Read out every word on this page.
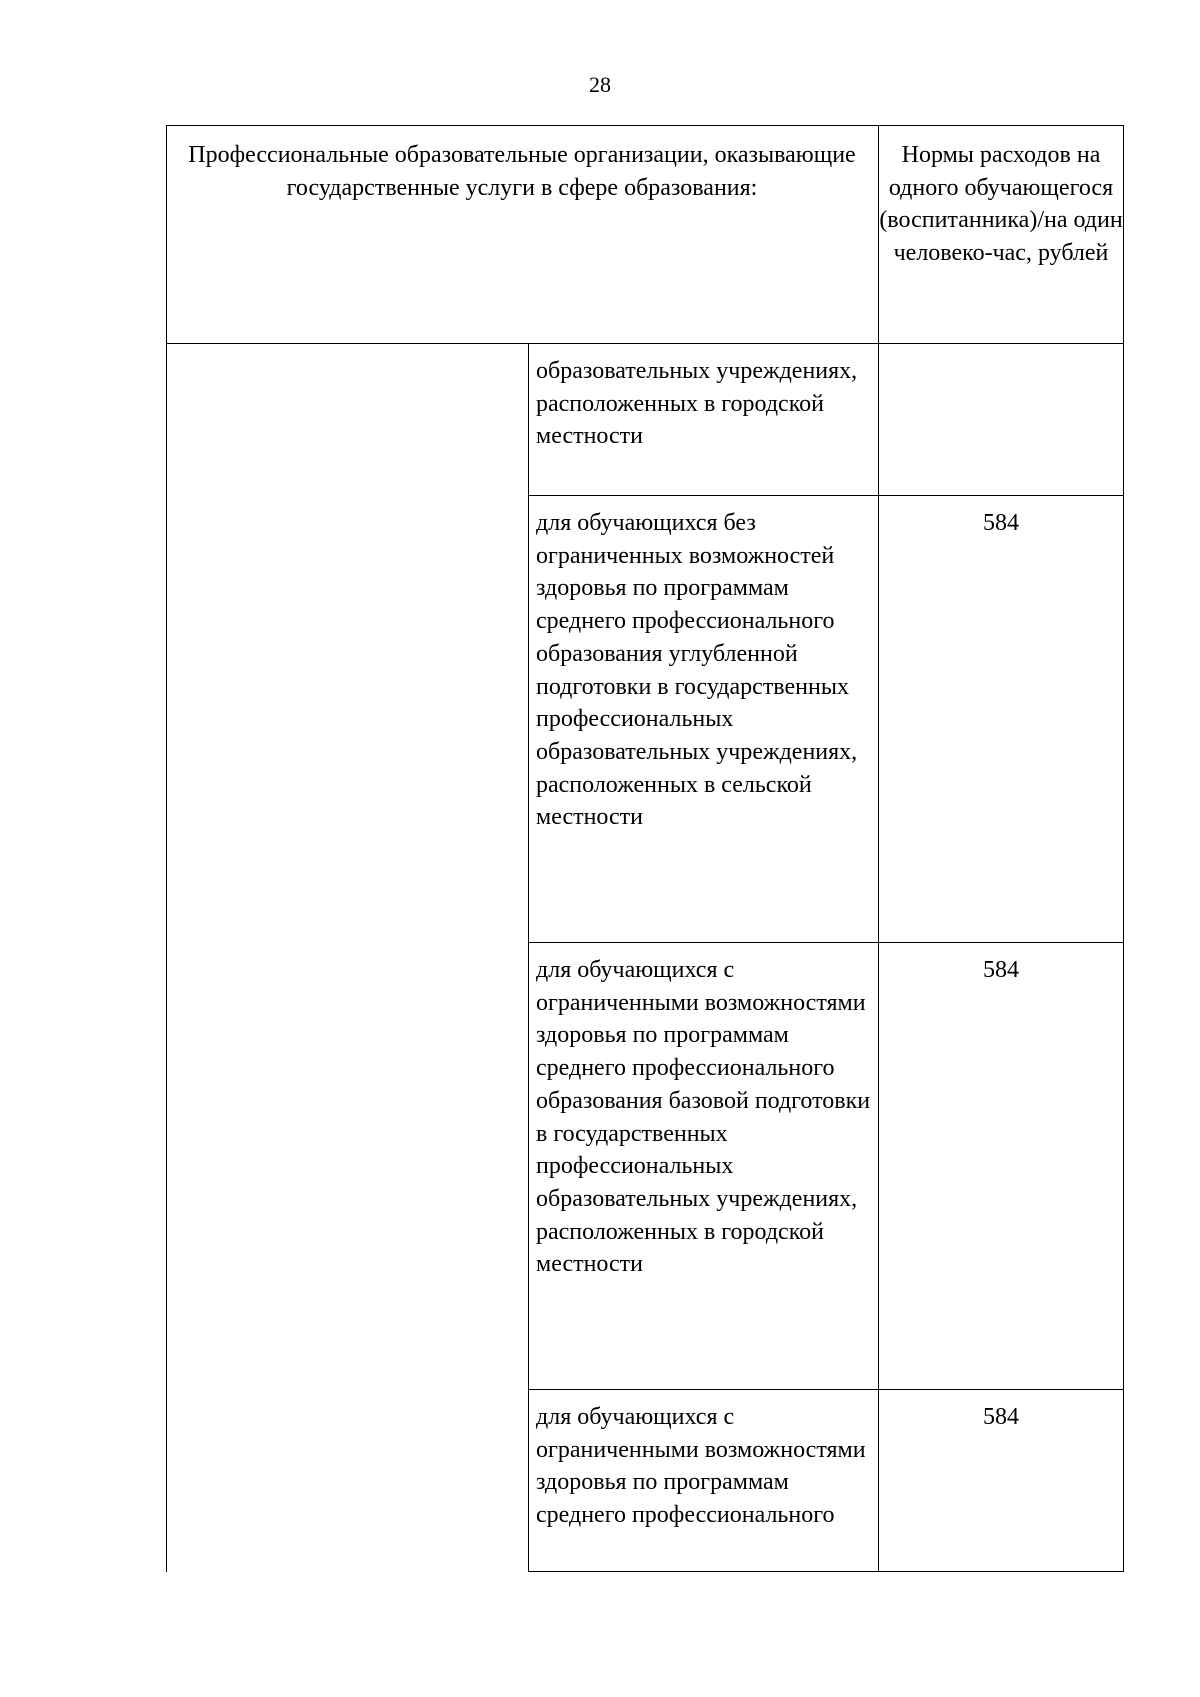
28
Профессиональные образовательные организации, оказывающие государственные услуги в сфере образования:
Нормы расходов на одного обучающегося (воспитанника)/на один человеко-час, рублей
образовательных учреждениях, расположенных в городской местности
для обучающихся без ограниченных возможностей здоровья по программам среднего профессионального образования углубленной подготовки в государственных профессиональных образовательных учреждениях, расположенных в сельской местности
584
для обучающихся с ограниченными возможностями здоровья по программам среднего профессионального образования базовой подготовки в государственных профессиональных образовательных учреждениях, расположенных в городской местности
584
для обучающихся с ограниченными возможностями здоровья по программам среднего профессионального
584
